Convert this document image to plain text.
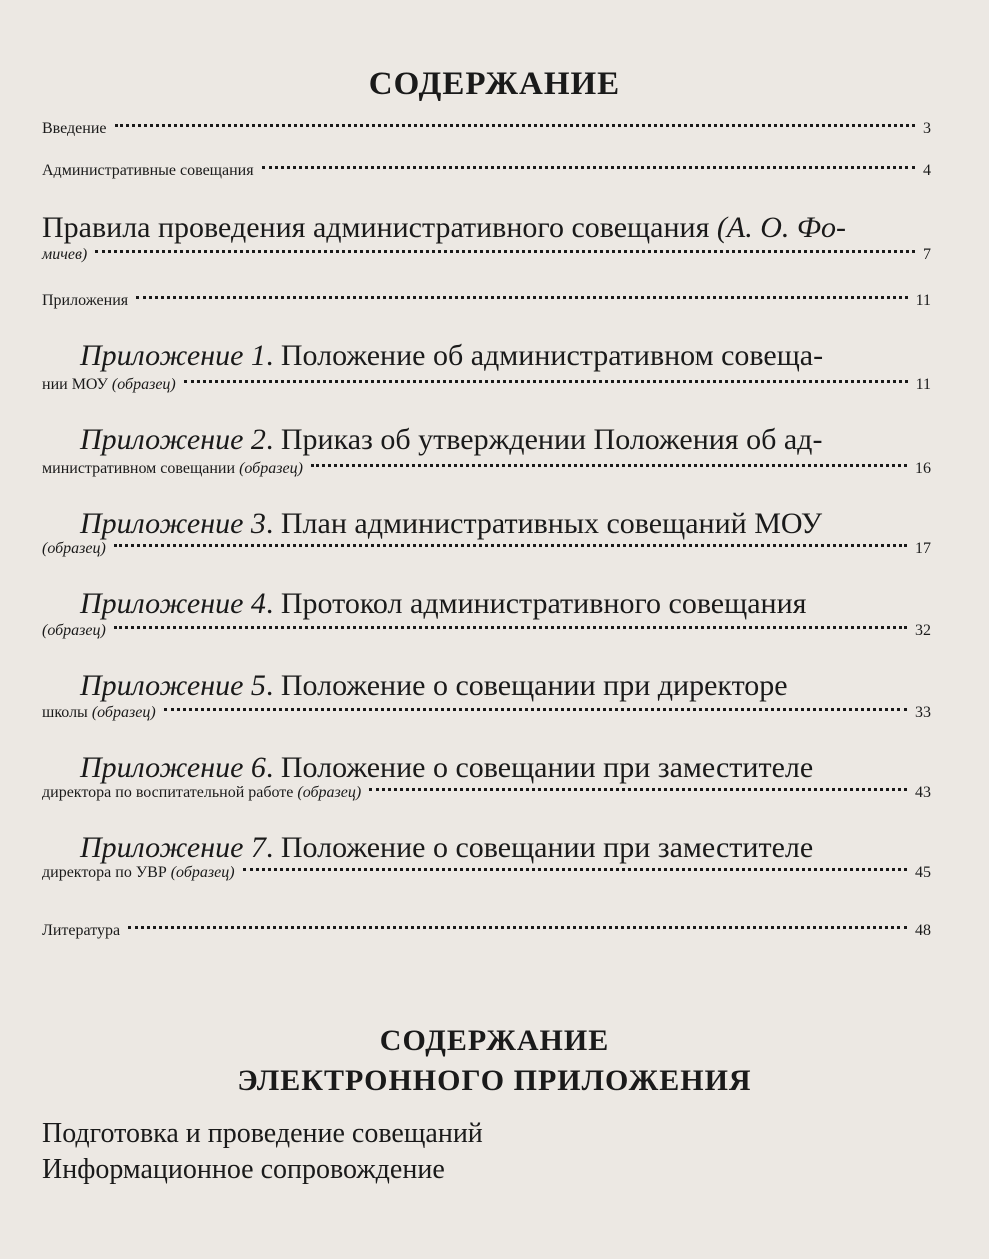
СОДЕРЖАНИЕ
Введение	3
Административные совещания	4
Правила проведения административного совещания (А. О. Фо-
мичев)	7
Приложения	11
Приложение 1. Положение об административном совеща-
нии МОУ (образец)	11
Приложение 2. Приказ об утверждении Положения об ад-
министративном совещании (образец)	16
Приложение 3. План административных совещаний МОУ
(образец)	17
Приложение 4. Протокол административного совещания
(образец)	32
Приложение 5. Положение о совещании при директоре
школы (образец)	33
Приложение 6. Положение о совещании при заместителе
директора по воспитательной работе (образец)	43
Приложение 7. Положение о совещании при заместителе
директора по УВР (образец)	45
Литература	48
СОДЕРЖАНИЕ
ЭЛЕКТРОННОГО ПРИЛОЖЕНИЯ
Подготовка и проведение совещаний
Информационное сопровождение
